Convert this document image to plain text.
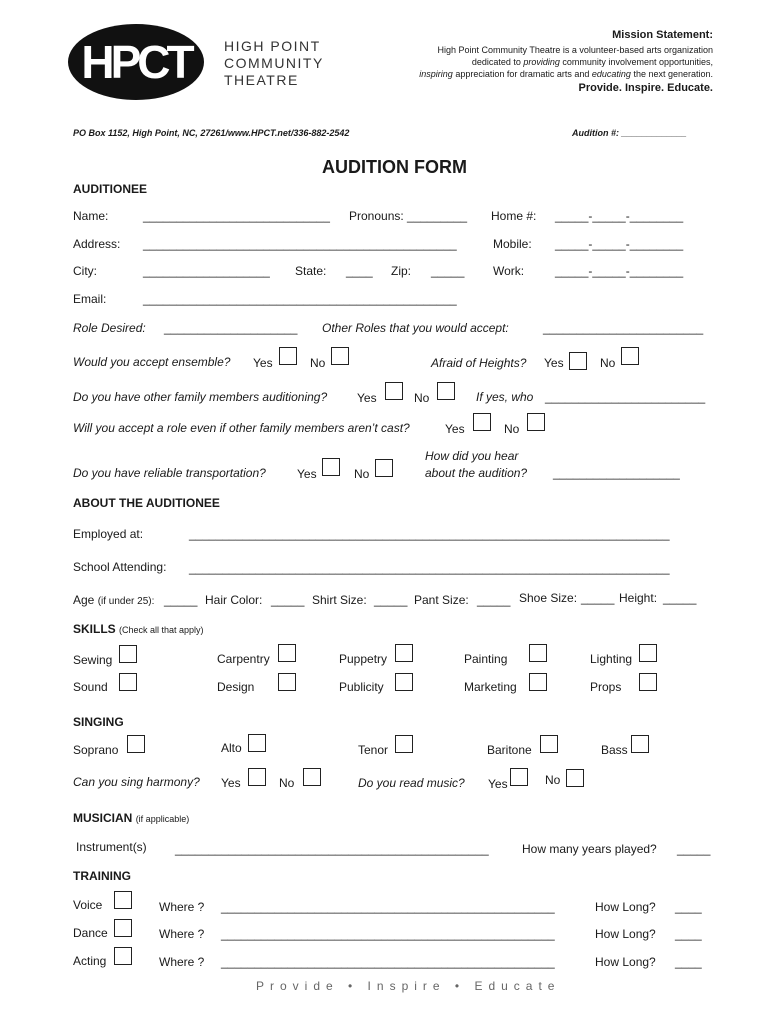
HPCT HIGH POINT
COMMUNITY
THEATRE
Mission Statement:
High Point Community Theatre is a volunteer-based arts organization
dedicated to providing community involvement opportunities,
inspiring appreciation for dramatic arts and educating the next generation.
Provide. Inspire. Educate.
PO Box 1152, High Point, NC, 27261/www.HPCT.net/336-882-2542	Audition #: _____________
AUDITION FORM
AUDITIONEE
Name:	____________________________ Pronouns: _________ Home #: _____-_____-________
Address: _______________________________________________	Mobile: _____-_____-________
City:	___________________ State: ____ Zip: _____ Work:	_____-_____-________
Email:	_______________________________________________
Role Desired: ____________________ Other Roles that you would accept:	________________________
Would you accept ensemble? Yes	No	Afraid of Heights? Yes	No
Do you have other family members auditioning? Yes	No	If yes, who ________________________
Will you accept a role even if other family members aren’t cast?	Yes	No
Do you have reliable transportation?	Yes	No
How did you hear
about the audition? ___________________
ABOUT THE AUDITIONEE
Employed at:	________________________________________________________________________
School Attending: ________________________________________________________________________
Age (if under 25): _____ Hair Color: _____ Shirt Size: _____ Pant Size: _____ Shoe Size: _____ Height: _____
SKILLS (Check all that apply)
Sewing	Carpentry	Puppetry	Painting	Lighting
Sound	Design	Publicity	Marketing	Props
SINGING
Soprano	Alto	Tenor	Baritone	Bass
Can you sing harmony? Yes	No	Do you read music? Yes	No
MUSICIAN (if applicable)
Instrument(s) _______________________________________________	How many years played? _____
TRAINING
Voice	Where ? __________________________________________________	How Long? ____
Dance	Where ? __________________________________________________	How Long? ____
Acting	Where ? __________________________________________________	How Long? ____
Provide • Inspire • Educate
